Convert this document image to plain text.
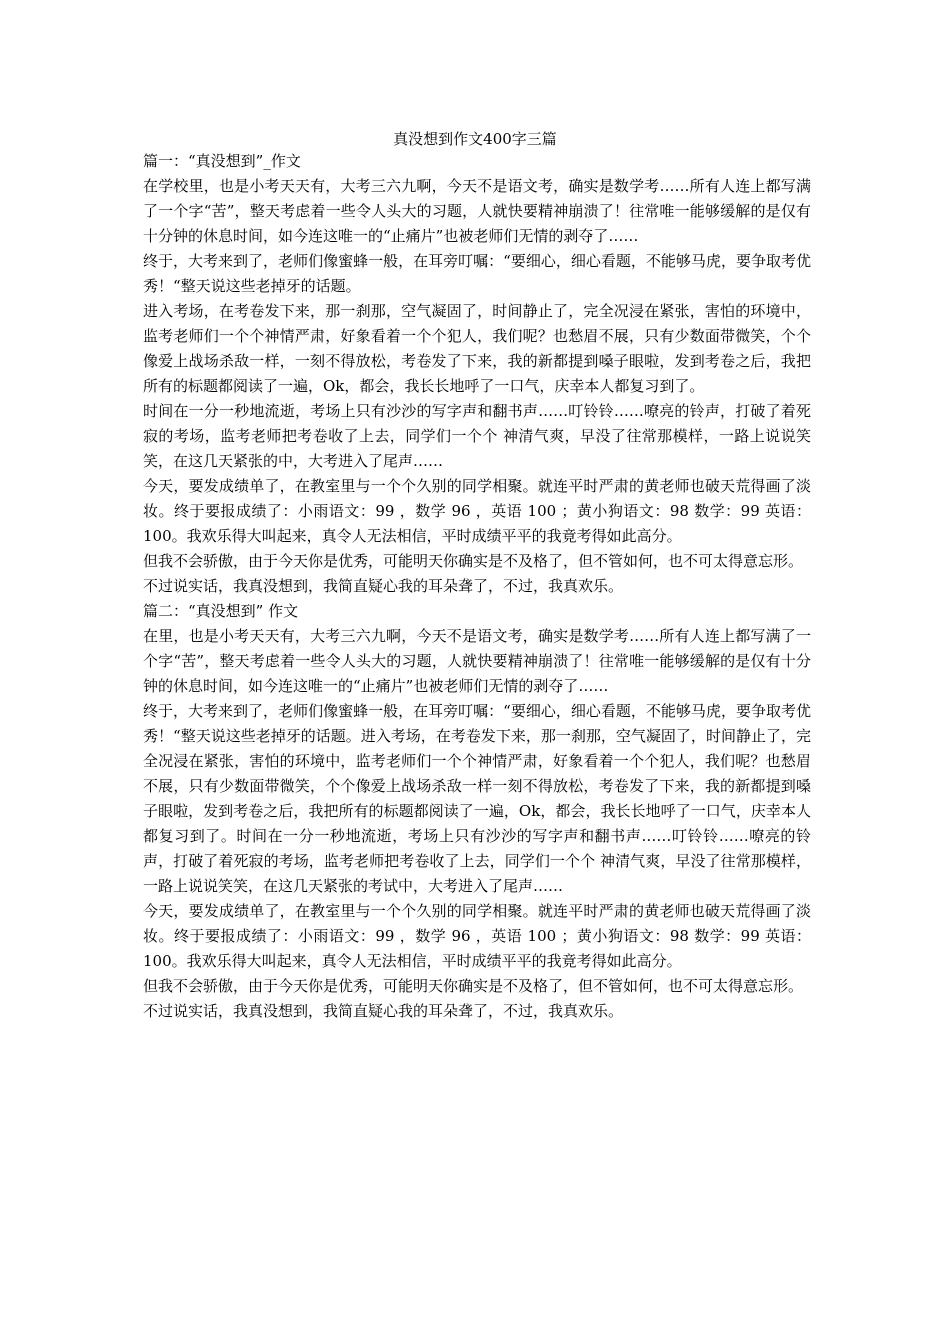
真没想到作文400字三篇

篇一：“真没想到”_作文

在学校里，也是小考天天有，大考三六九啊，今天不是语文考，确实是数学考……所有人连上都写满了一个字“苦”，整天考虑着一些令人头大的习题，人就快要精神崩溃了！往常唯一能够缓解的是仅有十分钟的休息时间，如今连这唯一的“止痛片”也被老师们无情的剥夺了……

终于，大考来到了，老师们像蜜蜂一般，在耳旁叮嘱：“要细心，细心看题，不能够马虎，要争取考优秀！“整天说这些老掉牙的话题。

进入考场，在考卷发下来，那一刹那，空气凝固了，时间静止了，完全况浸在紧张，害怕的环境中，监考老师们一个个神情严肃，好象看着一个个犯人，我们呢？也愁眉不展，只有少数面带微笑，个个像爱上战场杀敌一样，一刻不得放松，考卷发了下来，我的新都提到嗓子眼啦，发到考卷之后，我把所有的标题都阅读了一遍，Ok，都会，我长长地呼了一口气，庆幸本人都复习到了。

时间在一分一秒地流逝，考场上只有沙沙的写字声和翻书声……叮铃铃……嘹亮的铃声，打破了着死寂的考场，监考老师把考卷收了上去，同学们一个个 神清气爽，早没了往常那模样，一路上说说笑笑，在这几天紧张的中，大考进入了尾声……

今天，要发成绩单了，在教室里与一个个久别的同学相聚。就连平时严肃的黄老师也破天荒得画了淡妆。终于要报成绩了：小雨语文：99 ，数学 96 ，英语 100 ；黄小狗语文：98 数学：99 英语：100。我欢乐得大叫起来，真令人无法相信，平时成绩平平的我竟考得如此高分。

但我不会骄傲，由于今天你是优秀，可能明天你确实是不及格了，但不管如何，也不可太得意忘形。

不过说实话，我真没想到，我简直疑心我的耳朵聋了，不过，我真欢乐。

篇二：“真没想到” 作文

在里，也是小考天天有，大考三六九啊，今天不是语文考，确实是数学考……所有人连上都写满了一个字“苦”，整天考虑着一些令人头大的习题，人就快要精神崩溃了！往常唯一能够缓解的是仅有十分钟的休息时间，如今连这唯一的“止痛片”也被老师们无情的剥夺了……

终于，大考来到了，老师们像蜜蜂一般，在耳旁叮嘱：“要细心，细心看题，不能够马虎，要争取考优秀！“整天说这些老掉牙的话题。进入考场，在考卷发下来，那一刹那，空气凝固了，时间静止了，完全况浸在紧张，害怕的环境中，监考老师们一个个神情严肃，好象看着一个个犯人，我们呢？也愁眉不展，只有少数面带微笑，个个像爱上战场杀敌一样一刻不得放松，考卷发了下来，我的新都提到嗓子眼啦，发到考卷之后，我把所有的标题都阅读了一遍，Ok，都会，我长长地呼了一口气，庆幸本人都复习到了。时间在一分一秒地流逝，考场上只有沙沙的写字声和翻书声……叮铃铃……嘹亮的铃声，打破了着死寂的考场，监考老师把考卷收了上去，同学们一个个 神清气爽，早没了往常那模样，一路上说说笑笑，在这几天紧张的考试中，大考进入了尾声……

今天，要发成绩单了，在教室里与一个个久别的同学相聚。就连平时严肃的黄老师也破天荒得画了淡妆。终于要报成绩了：小雨语文：99 ，数学 96 ，英语 100 ；黄小狗语文：98 数学：99 英语：100。我欢乐得大叫起来，真令人无法相信，平时成绩平平的我竟考得如此高分。

但我不会骄傲，由于今天你是优秀，可能明天你确实是不及格了，但不管如何，也不可太得意忘形。

不过说实话，我真没想到，我简直疑心我的耳朵聋了，不过，我真欢乐。
